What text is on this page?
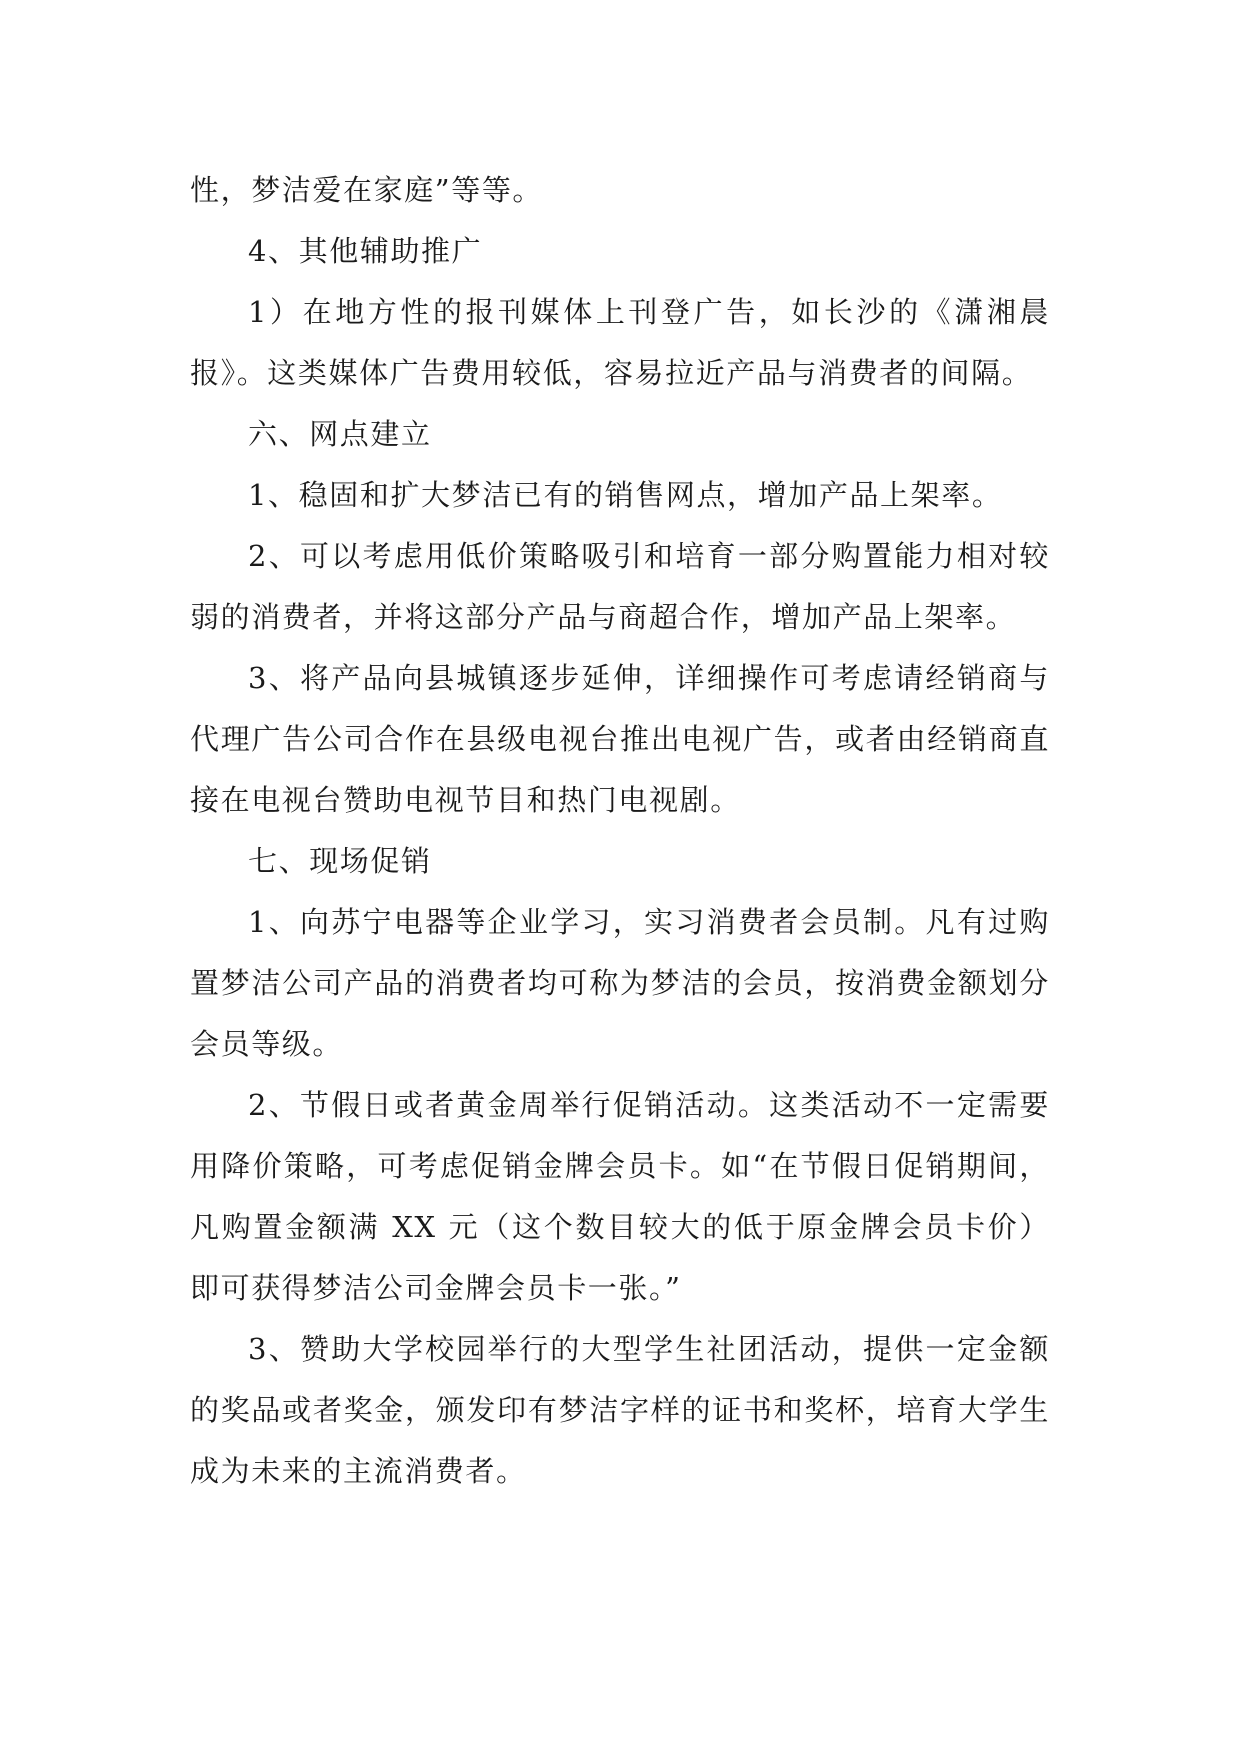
性，梦洁爱在家庭”等等。

4、其他辅助推广

1）在地方性的报刊媒体上刊登广告，如长沙的《潇湘晨报》。这类媒体广告费用较低，容易拉近产品与消费者的间隔。

六、网点建立

1、稳固和扩大梦洁已有的销售网点，增加产品上架率。

2、可以考虑用低价策略吸引和培育一部分购置能力相对较弱的消费者，并将这部分产品与商超合作，增加产品上架率。

3、将产品向县城镇逐步延伸，详细操作可考虑请经销商与代理广告公司合作在县级电视台推出电视广告，或者由经销商直接在电视台赞助电视节目和热门电视剧。

七、现场促销

1、向苏宁电器等企业学习，实习消费者会员制。凡有过购置梦洁公司产品的消费者均可称为梦洁的会员，按消费金额划分会员等级。

2、节假日或者黄金周举行促销活动。这类活动不一定需要用降价策略，可考虑促销金牌会员卡。如“在节假日促销期间，凡购置金额满 XX 元（这个数目较大的低于原金牌会员卡价）即可获得梦洁公司金牌会员卡一张。”

3、赞助大学校园举行的大型学生社团活动，提供一定金额的奖品或者奖金，颁发印有梦洁字样的证书和奖杯，培育大学生成为未来的主流消费者。
